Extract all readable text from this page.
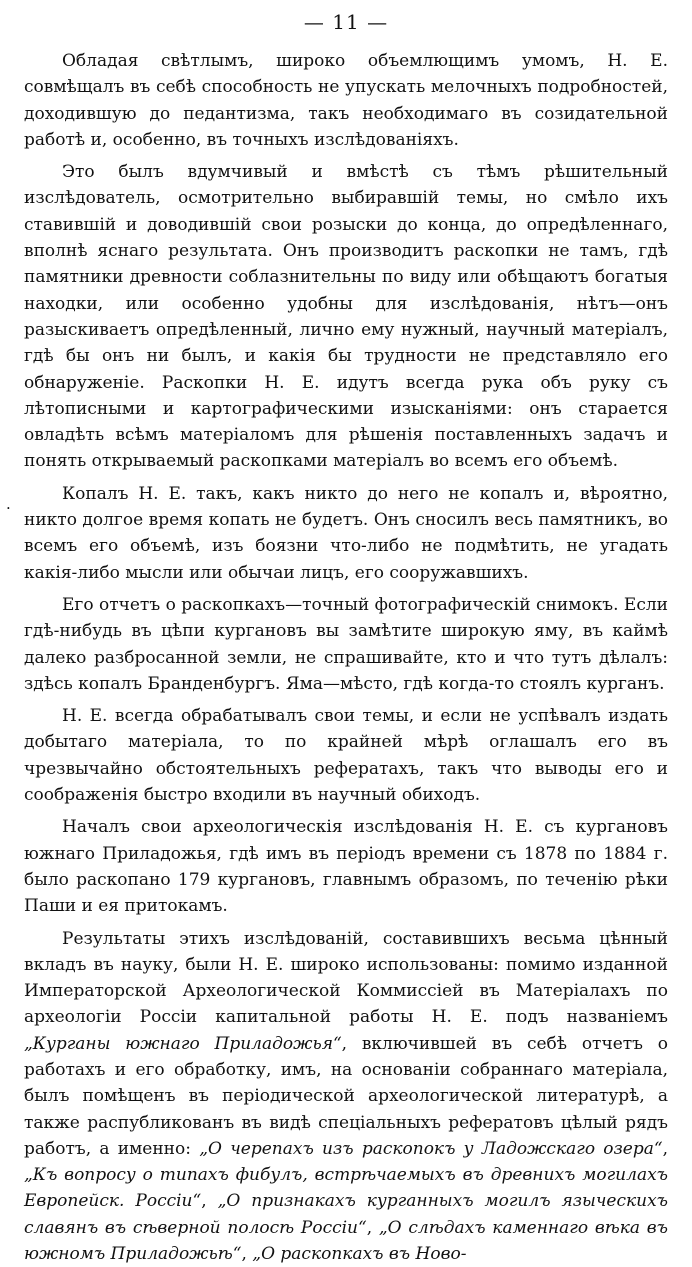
— 11 —
·

Обладая свѣтлымъ, широко объемлющимъ умомъ, Н. Е. совмѣщалъ въ себѣ способность не упускать мелочныхъ подробностей, доходившую до педантизма, такъ необходимаго въ созидательной работѣ и, особенно, въ точныхъ изслѣдованіяхъ.

Это былъ вдумчивый и вмѣстѣ съ тѣмъ рѣшительный изслѣдователь, осмотрительно выбиравшій темы, но смѣло ихъ ставившій и доводившій свои розыски до конца, до опредѣленнаго, вполнѣ яснаго результата. Онъ производитъ раскопки не тамъ, гдѣ памятники древности соблазнительны по виду или обѣщаютъ богатыя находки, или особенно удобны для изслѣдованія, нѣтъ—онъ разыскиваетъ опредѣленный, лично ему нужный, научный матеріалъ, гдѣ бы онъ ни былъ, и какія бы трудности не представляло его обнаруженіе. Раскопки Н. Е. идутъ всегда рука объ руку съ лѣтописными и картографическими изысканіями: онъ старается овладѣть всѣмъ матеріаломъ для рѣшенія поставленныхъ задачъ и понять открываемый раскопками матеріалъ во всемъ его объемѣ.

Копалъ Н. Е. такъ, какъ никто до него не копалъ и, вѣроятно, никто долгое время копать не будетъ. Онъ сносилъ весь памятникъ, во всемъ его объемѣ, изъ боязни что-либо не подмѣтить, не угадать какія-либо мысли или обычаи лицъ, его сооружавшихъ.

Его отчетъ о раскопкахъ—точный фотографическій снимокъ. Если гдѣ-нибудь въ цѣпи кургановъ вы замѣтите широкую яму, въ каймѣ далеко разбросанной земли, не спрашивайте, кто и что тутъ дѣлалъ: здѣсь копалъ Бранденбургъ. Яма—мѣсто, гдѣ когда-то стоялъ курганъ.

Н. Е. всегда обрабатывалъ свои темы, и если не успѣвалъ издать добытаго матеріала, то по крайней мѣрѣ оглашалъ его въ чрезвычайно обстоятельныхъ рефератахъ, такъ что выводы его и соображенія быстро входили въ научный обиходъ.

Началъ свои археологическія изслѣдованія Н. Е. съ кургановъ южнаго Приладожья, гдѣ имъ въ періодъ времени съ 1878 по 1884 г. было раскопано 179 кургановъ, главнымъ образомъ, по теченію рѣки Паши и ея притокамъ.

Результаты этихъ изслѣдованій, составившихъ весьма цѣнный вкладъ въ науку, были Н. Е. широко использованы: помимо изданной Императорской Археологической Коммиссіей въ Матеріалахъ по археологіи Россіи капитальной работы Н. Е. подъ названіемъ „Курганы южнаго Приладожья“, включившей въ себѣ отчетъ о работахъ и его обработку, имъ, на основаніи собраннаго матеріала, былъ помѣщенъ въ періодической археологической литературѣ, а также распубликованъ въ видѣ спеціальныхъ рефератовъ цѣлый рядъ работъ, а именно: „О черепахъ изъ раскопокъ у Ладожскаго озера“, „Къ вопросу о типахъ фибулъ, встрѣчаемыхъ въ древнихъ могилахъ Европейск. Россіи“, „О признакахъ курганныхъ могилъ языческихъ славянъ въ сѣверной полосѣ Россіи“, „О слѣдахъ каменнаго вѣка въ южномъ Приладожьѣ“, „О раскопкахъ въ Ново-
